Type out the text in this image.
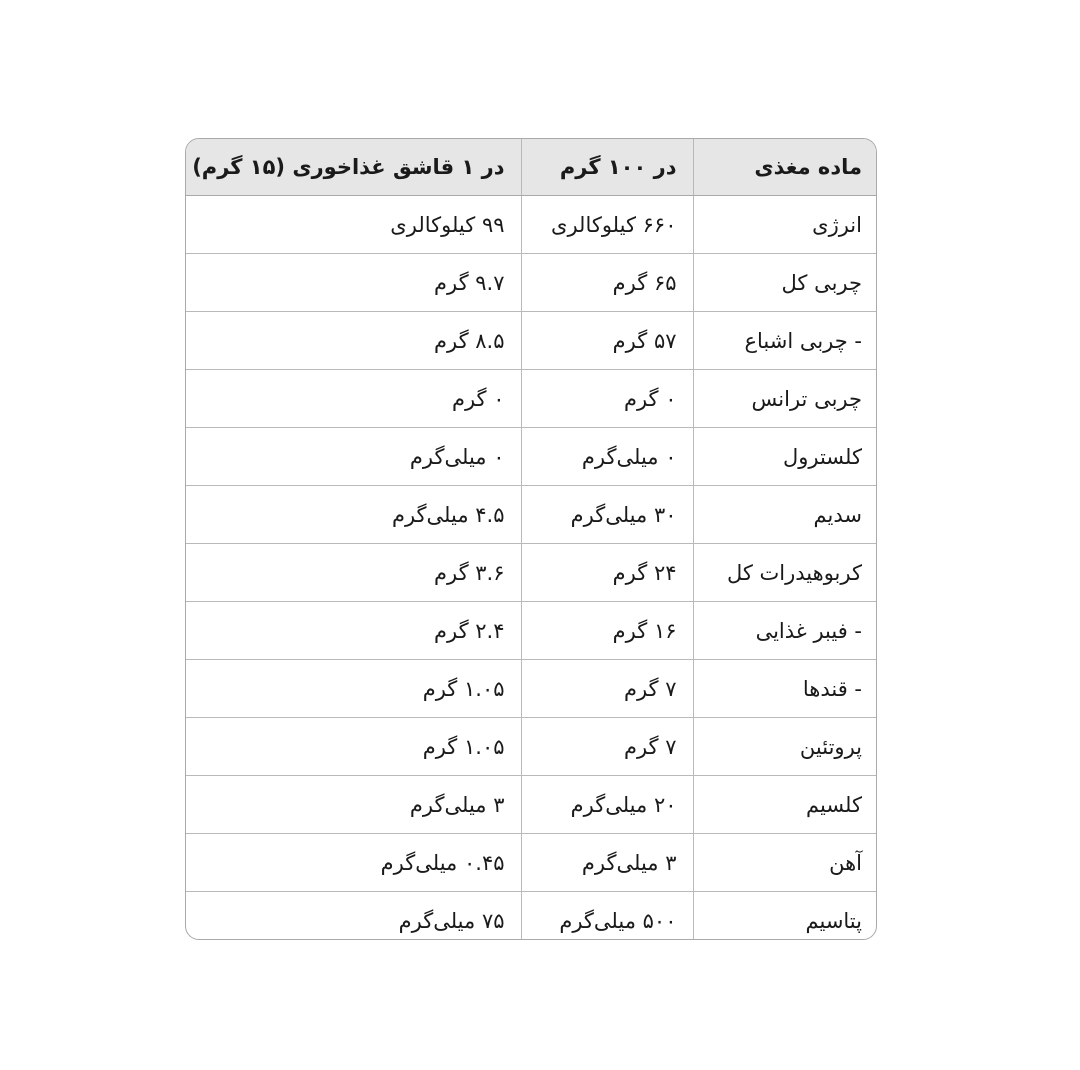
ماده مغذی	در ۱۰۰ گرم	در ۱ قاشق غذاخوری (۱۵ گرم)
انرژی	۶۶۰ کیلوکالری	۹۹ کیلوکالری
چربی کل	۶۵ گرم	۹.۷ گرم
- چربی اشباع	۵۷ گرم	۸.۵ گرم
چربی ترانس	۰ گرم	۰ گرم
کلسترول	۰ میلی‌گرم	۰ میلی‌گرم
سدیم	۳۰ میلی‌گرم	۴.۵ میلی‌گرم
کربوهیدرات کل	۲۴ گرم	۳.۶ گرم
- فیبر غذایی	۱۶ گرم	۲.۴ گرم
- قندها	۷ گرم	۱.۰۵ گرم
پروتئین	۷ گرم	۱.۰۵ گرم
کلسیم	۲۰ میلی‌گرم	۳ میلی‌گرم
آهن	۳ میلی‌گرم	۰.۴۵ میلی‌گرم
پتاسیم	۵۰۰ میلی‌گرم	۷۵ میلی‌گرم
